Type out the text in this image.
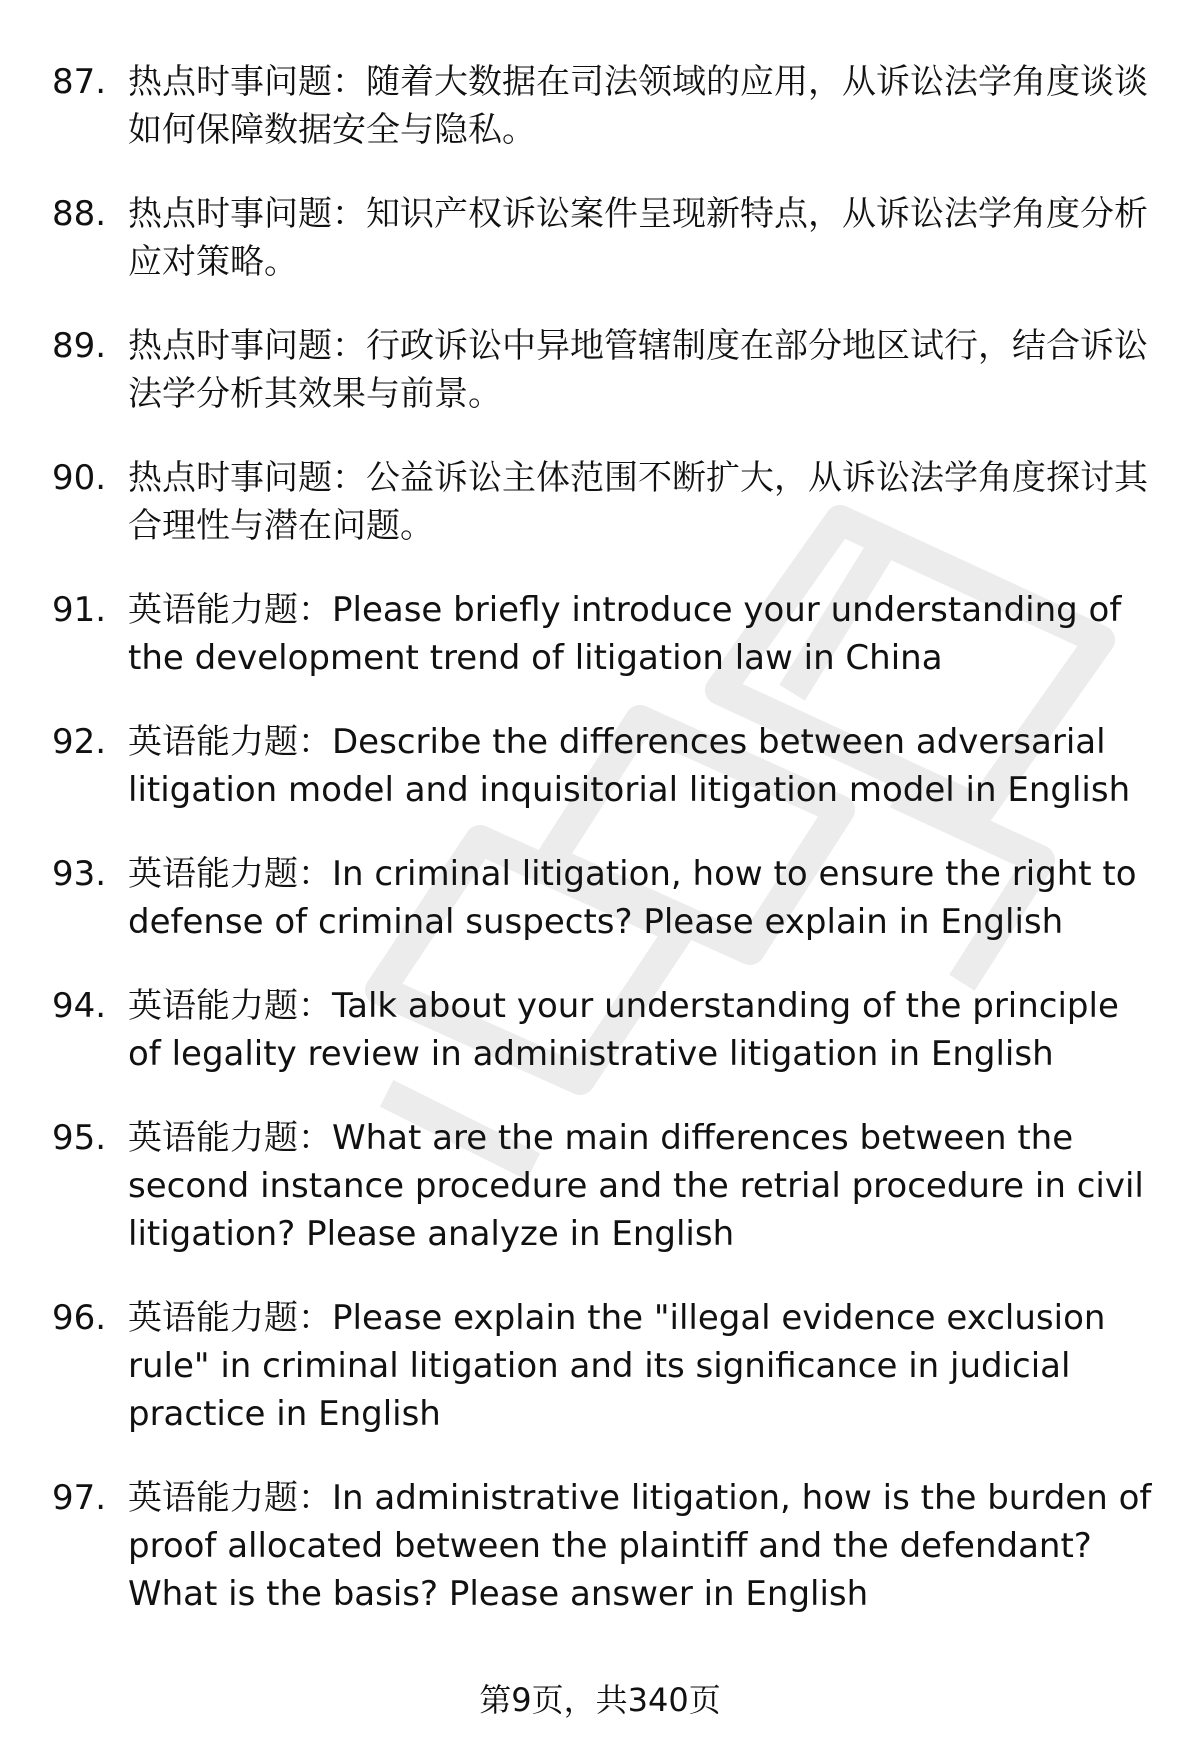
87. 热点时事问题：随着大数据在司法领域的应用，从诉讼法学角度谈谈如何保障数据安全与隐私。
88. 热点时事问题：知识产权诉讼案件呈现新特点，从诉讼法学角度分析应对策略。
89. 热点时事问题：行政诉讼中异地管辖制度在部分地区试行，结合诉讼法学分析其效果与前景。
90. 热点时事问题：公益诉讼主体范围不断扩大，从诉讼法学角度探讨其合理性与潜在问题。
91. 英语能力题：Please briefly introduce your understanding of the development trend of litigation law in China
92. 英语能力题：Describe the differences between adversarial litigation model and inquisitorial litigation model in English
93. 英语能力题：In criminal litigation, how to ensure the right to defense of criminal suspects? Please explain in English
94. 英语能力题：Talk about your understanding of the principle of legality review in administrative litigation in English
95. 英语能力题：What are the main differences between the second instance procedure and the retrial procedure in civil litigation? Please analyze in English
96. 英语能力题：Please explain the "illegal evidence exclusion rule" in criminal litigation and its significance in judicial practice in English
97. 英语能力题：In administrative litigation, how is the burden of proof allocated between the plaintiff and the defendant? What is the basis? Please answer in English
第9页，共340页
